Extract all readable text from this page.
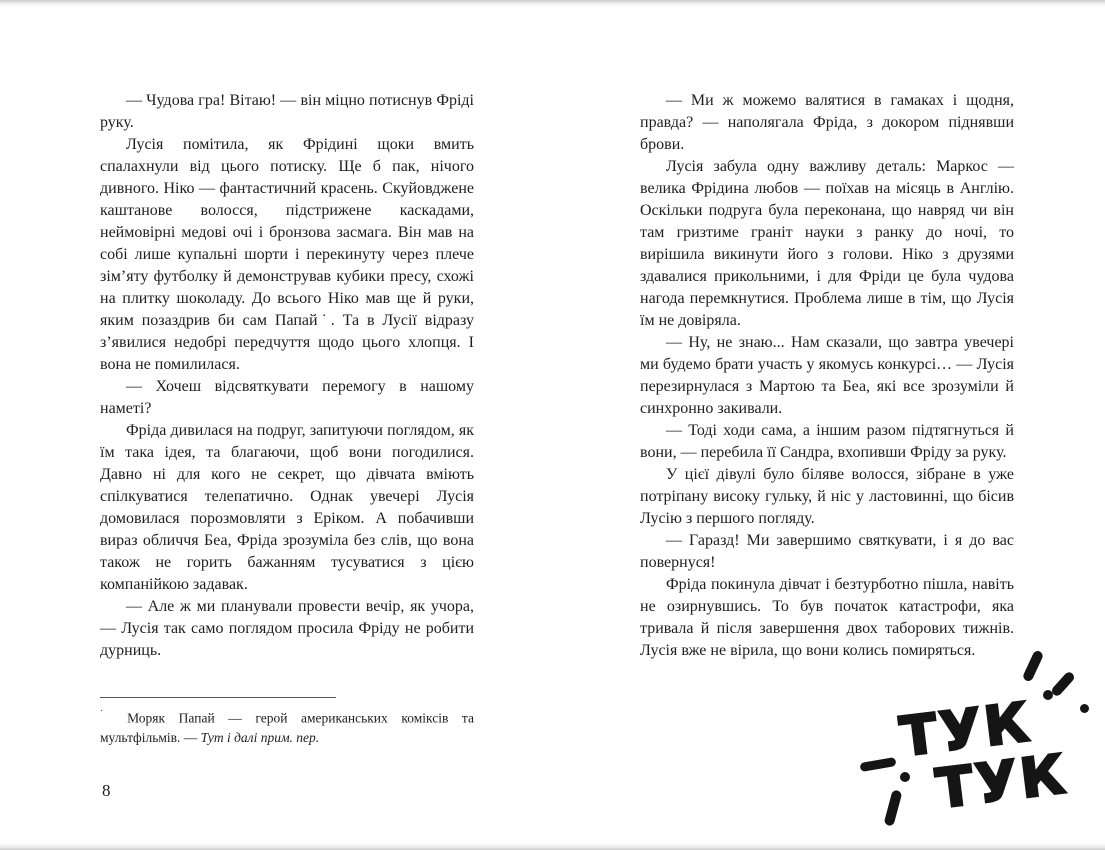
— Чудова гра! Вітаю! — він міцно потиснув Фріді руку.

Лусія помітила, як Фрідині щоки вмить спалахнули від цього потиску. Ще б пак, нічого дивного. Ніко — фантастичний красень. Скуйовджене каштанове волосся, підстрижене каскадами, неймовірні медові очі і бронзова засмага. Він мав на собі лише купальні шорти і перекинуту через плече зім’яту футболку й демонстрував кубики пресу, схожі на плитку шоколаду. До всього Ніко мав ще й руки, яким позаздрив би сам Папай˙. Та в Лусії відразу з’явилися недобрі передчуття щодо цього хлопця. І вона не помилилася.

— Хочеш відсвяткувати перемогу в нашому наметі?

Фріда дивилася на подруг, запитуючи поглядом, як їм така ідея, та благаючи, щоб вони погодилися. Давно ні для кого не секрет, що дівчата вміють спілкуватися телепатично. Однак увечері Лусія домовилася порозмовляти з Еріком. А побачивши вираз обличчя Беа, Фріда зрозуміла без слів, що вона також не горить бажанням тусуватися з цією компанійкою задавак.

— Але ж ми планували провести вечір, як учора, — Лусія так само поглядом просила Фріду не робити дурниць.

— Ми ж можемо валятися в гамаках і щодня, правда? — наполягала Фріда, з докором піднявши брови.

Лусія забула одну важливу деталь: Маркос — велика Фрідина любов — поїхав на місяць в Англію. Оскільки подруга була переконана, що навряд чи він там гризтиме граніт науки з ранку до ночі, то вирішила викинути його з голови. Ніко з друзями здавалися прикольними, і для Фріди це була чудова нагода перемкнутися. Проблема лише в тім, що Лусія їм не довіряла.

— Ну, не знаю... Нам сказали, що завтра увечері ми будемо брати участь у якомусь конкурсі… — Лусія перезирнулася з Мартою та Беа, які все зрозуміли й синхронно закивали.

— Тоді ходи сама, а іншим разом підтягнуться й вони, — перебила її Сандра, вхопивши Фріду за руку.

У цієї дівулі було біляве волосся, зібране в уже потріпану високу гульку, й ніс у ластовинні, що бісив Лусію з першого погляду.

— Гаразд! Ми завершимо святкувати, і я до вас повернуся!

Фріда покинула дівчат і безтурботно пішла, навіть не озирнувшись. То був початок катастрофи, яка тривала й після завершення двох таборових тижнів. Лусія вже не вірила, що вони колись помиряться.

˙ Моряк Папай — герой американських коміксів та мультфільмів. — Тут і далі прим. пер.

8
ТУК
ТУК
